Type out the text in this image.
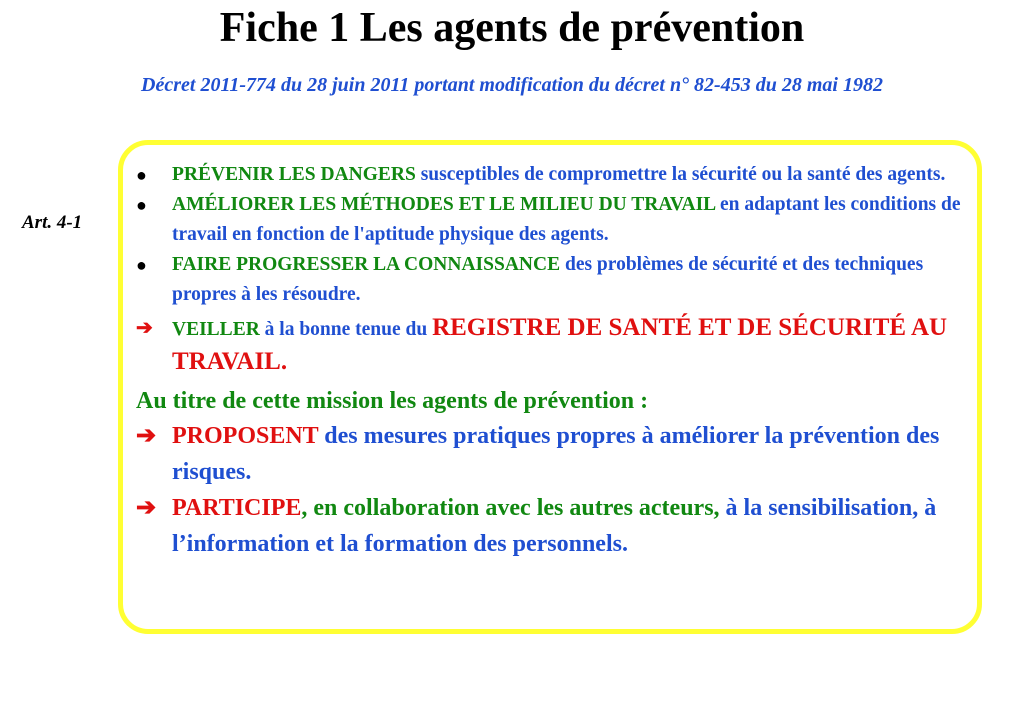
Fiche 1 Les agents de prévention
Décret 2011-774 du 28 juin 2011 portant modification du décret n° 82-453 du 28 mai 1982
Art. 4-1
●	PRÉVENIR LES DANGERS susceptibles de compromettre la sécurité ou la santé des agents.
●	AMÉLIORER LES MÉTHODES ET LE MILIEU DU TRAVAIL en adaptant les conditions de travail en fonction de l'aptitude physique des agents.
●	FAIRE PROGRESSER LA CONNAISSANCE des problèmes de sécurité et des techniques propres à les résoudre.
➔ VEILLER à la bonne tenue du REGISTRE DE SANTÉ ET DE SÉCURITÉ AU TRAVAIL.
Au titre de cette mission les agents de prévention :
➔ PROPOSENT des mesures pratiques propres à améliorer la prévention des risques.
➔ PARTICIPE, en collaboration avec les autres acteurs, à la sensibilisation, à l’information et la formation des personnels.
